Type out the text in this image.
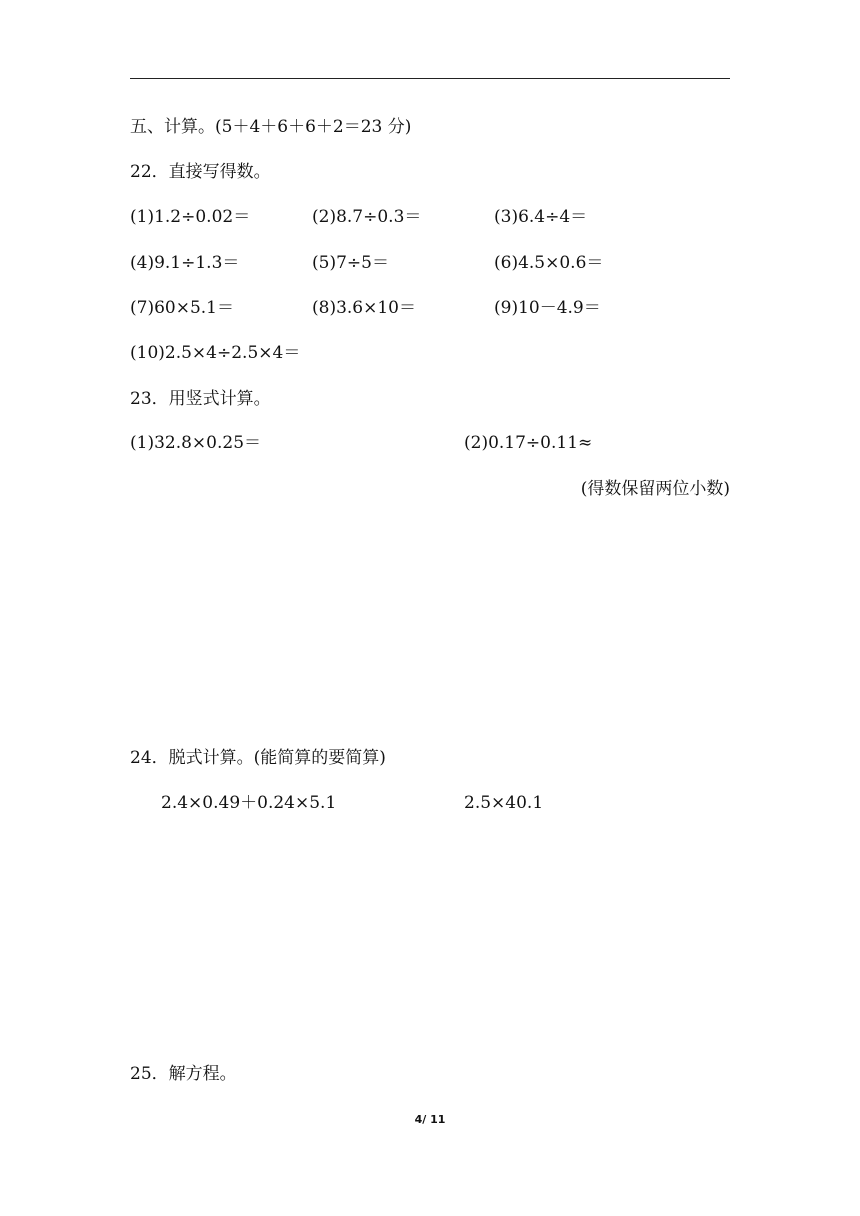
五、计算。(5＋4＋6＋6＋2＝23 分)
22．直接写得数。
(1)1.2÷0.02＝	(2)8.7÷0.3＝	(3)6.4÷4＝
(4)9.1÷1.3＝	(5)7÷5＝	(6)4.5×0.6＝
(7)60×5.1＝	(8)3.6×10＝	(9)10－4.9＝
(10)2.5×4÷2.5×4＝
23．用竖式计算。
(1)32.8×0.25＝	(2)0.17÷0.11≈
(得数保留两位小数)
24．脱式计算。(能简算的要简算)
2.4×0.49＋0.24×5.1	2.5×40.1
25．解方程。
4/ 11
